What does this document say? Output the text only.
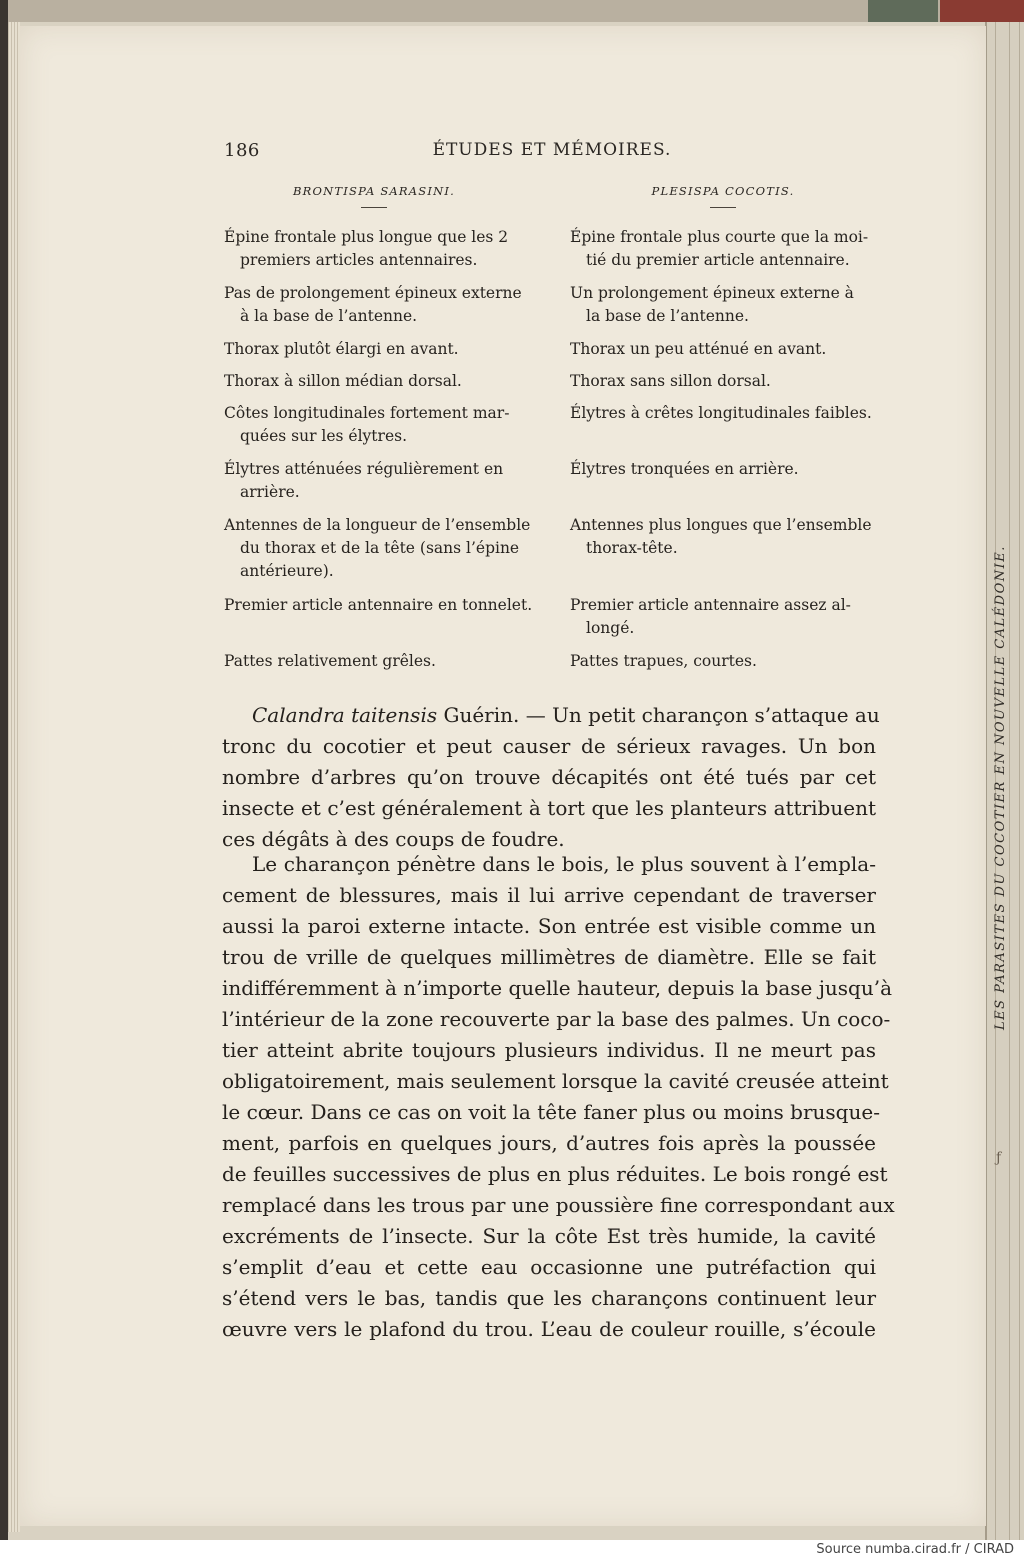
186	ÉTUDES ET MÉMOIRES.
BRONTISPA SARASINI.	PLESISPA COCOTIS.
Épine frontale plus longue que les 2
premiers articles antennaires.
Pas de prolongement épineux externe
à la base de l’antenne.
Thorax plutôt élargi en avant.
Thorax à sillon médian dorsal.
Côtes longitudinales fortement mar-
quées sur les élytres.
Élytres atténuées régulièrement en
arrière.
Antennes de la longueur de l’ensemble
du thorax et de la tête (sans l’épine
antérieure).
Premier article antennaire en tonnelet.
Pattes relativement grêles.
Épine frontale plus courte que la moi-
tié du premier article antennaire.
Un prolongement épineux externe à
la base de l’antenne.
Thorax un peu atténué en avant.
Thorax sans sillon dorsal.
Élytres à crêtes longitudinales faibles.
Élytres tronquées en arrière.
Antennes plus longues que l’ensemble
thorax-tête.
Premier article antennaire assez al-
longé.
Pattes trapues, courtes.
Calandra taitensis Guérin. — Un petit charançon s’attaque au
tronc du cocotier et peut causer de sérieux ravages. Un bon
nombre d’arbres qu’on trouve décapités ont été tués par cet
insecte et c’est généralement à tort que les planteurs attribuent
ces dégâts à des coups de foudre.
Le charançon pénètre dans le bois, le plus souvent à l’empla-
cement de blessures, mais il lui arrive cependant de traverser
aussi la paroi externe intacte. Son entrée est visible comme un
trou de vrille de quelques millimètres de diamètre. Elle se fait
indifféremment à n’importe quelle hauteur, depuis la base jusqu’à
l’intérieur de la zone recouverte par la base des palmes. Un coco-
tier atteint abrite toujours plusieurs individus. Il ne meurt pas
obligatoirement, mais seulement lorsque la cavité creusée atteint
le cœur. Dans ce cas on voit la tête faner plus ou moins brusque-
ment, parfois en quelques jours, d’autres fois après la poussée
de feuilles successives de plus en plus réduites. Le bois rongé est
remplacé dans les trous par une poussière fine correspondant aux
excréments de l’insecte. Sur la côte Est très humide, la cavité
s’emplit d’eau et cette eau occasionne une putréfaction qui
s’étend vers le bas, tandis que les charançons continuent leur
œuvre vers le plafond du trou. L’eau de couleur rouille, s’écoule
LES PARASITES DU COCOTIER EN NOUVELLE CALÉDONIE.
ƒ
Source numba.cirad.fr / CIRAD
